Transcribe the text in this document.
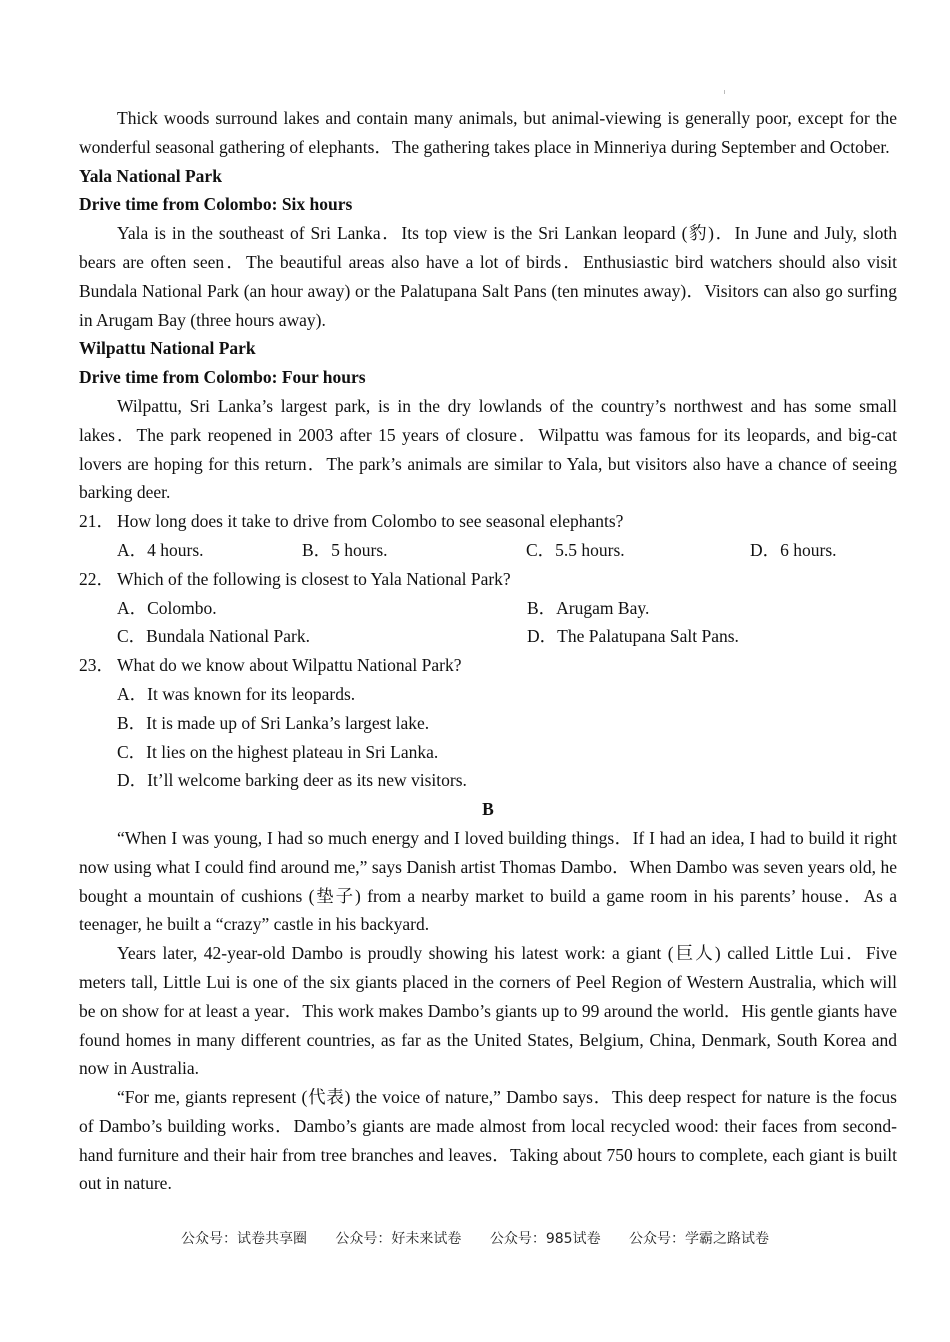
Thick woods surround lakes and contain many animals, but animal-viewing is generally poor, except for the wonderful seasonal gathering of elephants．The gathering takes place in Minneriya during September and October.

Yala National Park
Drive time from Colombo: Six hours

Yala is in the southeast of Sri Lanka．Its top view is the Sri Lankan leopard (豹)．In June and July, sloth bears are often seen．The beautiful areas also have a lot of birds．Enthusiastic bird watchers should also visit Bundala National Park (an hour away) or the Palatupana Salt Pans (ten minutes away)．Visitors can also go surfing in Arugam Bay (three hours away).

Wilpattu National Park
Drive time from Colombo: Four hours

Wilpattu, Sri Lanka’s largest park, is in the dry lowlands of the country’s northwest and has some small lakes．The park reopened in 2003 after 15 years of closure．Wilpattu was famous for its leopards, and big-cat lovers are hoping for this return．The park’s animals are similar to Yala, but visitors also have a chance of seeing barking deer.

21． How long does it take to drive from Colombo to see seasonal elephants?
A．4 hours.	B．5 hours.	C．5.5 hours.	D．6 hours.
22． Which of the following is closest to Yala National Park?
A．Colombo.	B．Arugam Bay.
C．Bundala National Park.	D．The Palatupana Salt Pans.
23． What do we know about Wilpattu National Park?
A．It was known for its leopards.
B．It is made up of Sri Lanka’s largest lake.
C．It lies on the highest plateau in Sri Lanka.
D．It’ll welcome barking deer as its new visitors.
B

“When I was young, I had so much energy and I loved building things．If I had an idea, I had to build it right now using what I could find around me,” says Danish artist Thomas Dambo．When Dambo was seven years old, he bought a mountain of cushions (垫子) from a nearby market to build a game room in his parents’ house．As a teenager, he built a “crazy” castle in his backyard.

Years later, 42-year-old Dambo is proudly showing his latest work: a giant (巨人) called Little Lui．Five meters tall, Little Lui is one of the six giants placed in the corners of Peel Region of Western Australia, which will be on show for at least a year．This work makes Dambo’s giants up to 99 around the world．His gentle giants have found homes in many different countries, as far as the United States, Belgium, China, Denmark, South Korea and now in Australia.

“For me, giants represent (代表) the voice of nature,” Dambo says．This deep respect for nature is the focus of Dambo’s building works．Dambo’s giants are made almost from local recycled wood: their faces from second-hand furniture and their hair from tree branches and leaves．Taking about 750 hours to complete, each giant is built out in nature.

公众号：试卷共享圈 公众号：好未来试卷 公众号：985试卷 公众号：学霸之路试卷
